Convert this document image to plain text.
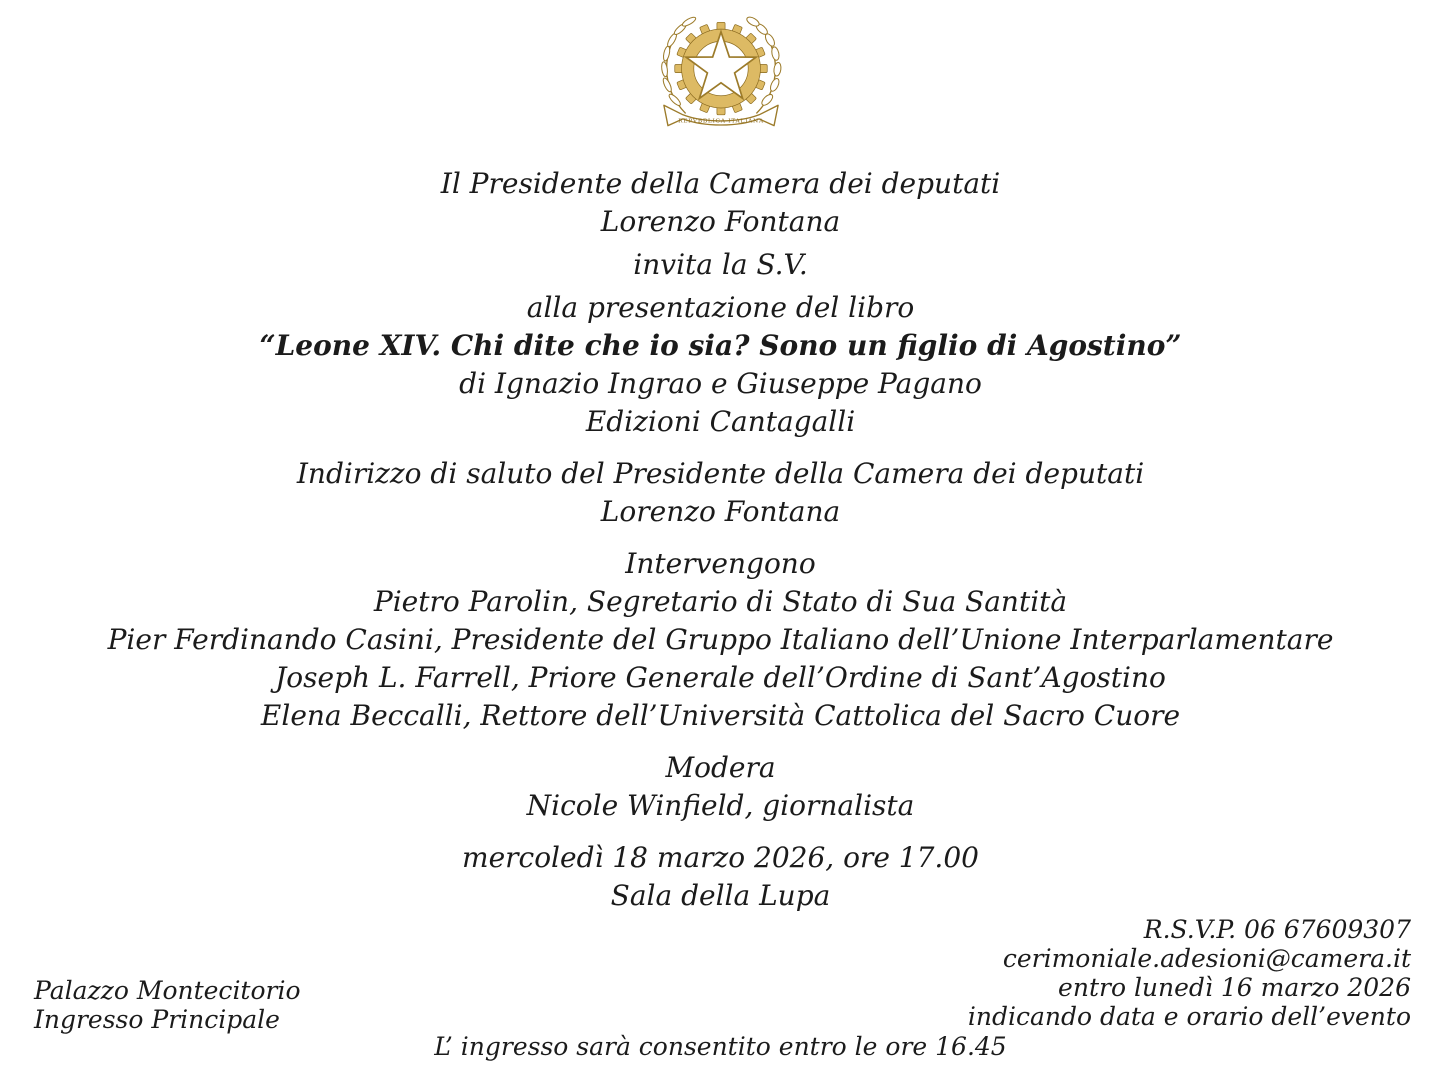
REPVBBLICA ITALIANA

Il Presidente della Camera dei deputati

Lorenzo Fontana

invita la S.V.

alla presentazione del libro

“Leone XIV. Chi dite che io sia? Sono un figlio di Agostino”

di Ignazio Ingrao e Giuseppe Pagano

Edizioni Cantagalli

Indirizzo di saluto del Presidente della Camera dei deputati

Lorenzo Fontana

Intervengono

Pietro Parolin, Segretario di Stato di Sua Santità

Pier Ferdinando Casini, Presidente del Gruppo Italiano dell’Unione Interparlamentare

Joseph L. Farrell, Priore Generale dell’Ordine di Sant’Agostino

Elena Beccalli, Rettore dell’Università Cattolica del Sacro Cuore

Modera

Nicole Winfield, giornalista

mercoledì 18 marzo 2026, ore 17.00

Sala della Lupa

R.S.V.P. 06 67609307

cerimoniale.adesioni@camera.it

entro lunedì 16 marzo 2026

indicando data e orario dell’evento

Palazzo Montecitorio

Ingresso Principale

L’ ingresso sarà consentito entro le ore 16.45
